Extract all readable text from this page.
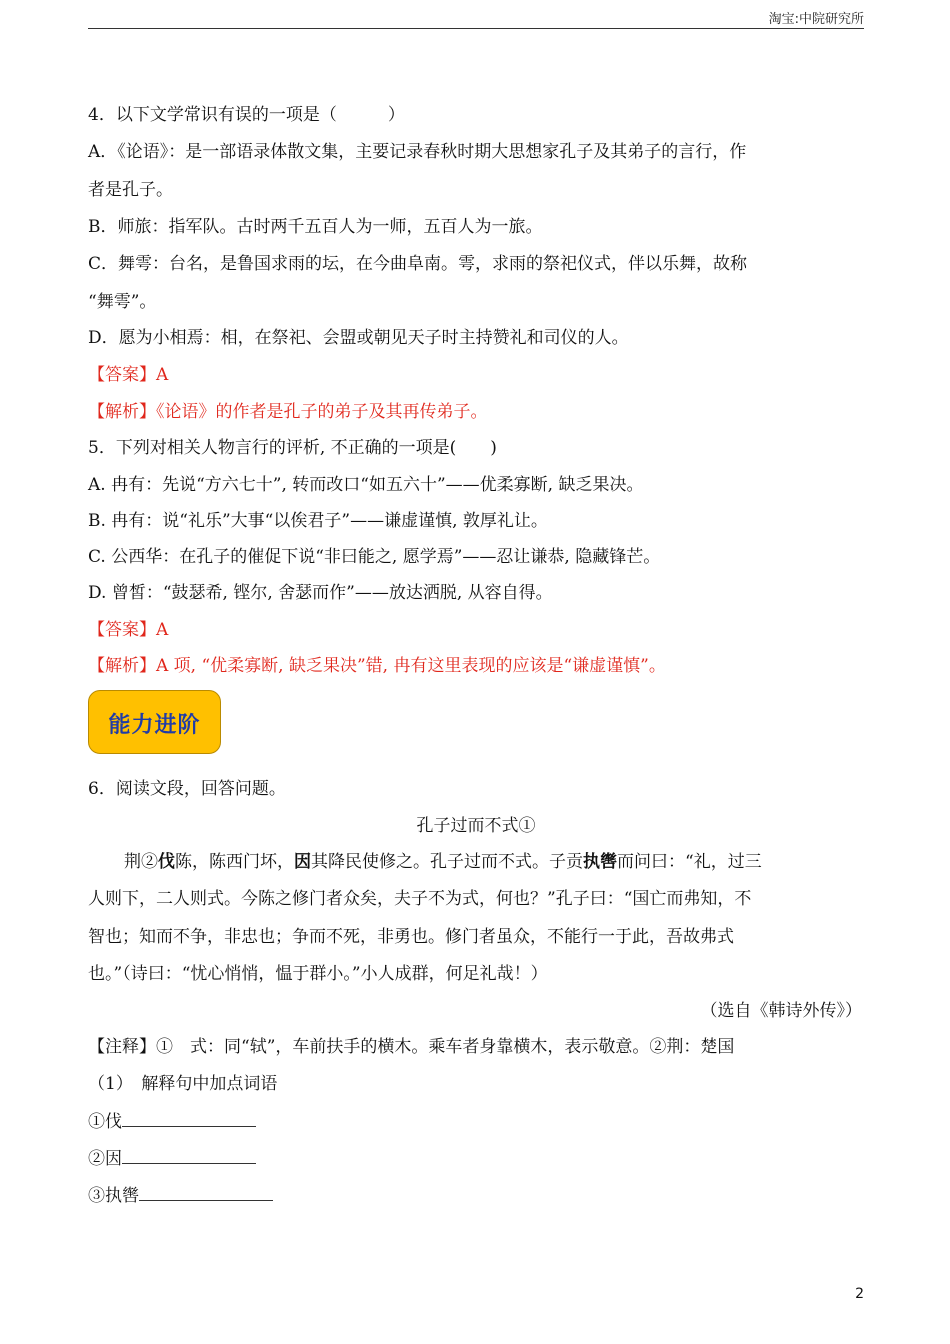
淘宝:中院研究所
4．以下文学常识有误的一项是（　　　）
A．《论语》：是一部语录体散文集，主要记录春秋时期大思想家孔子及其弟子的言行，作
者是孔子。
B．师旅：指军队。古时两千五百人为一师，五百人为一旅。
C．舞雩：台名，是鲁国求雨的坛，在今曲阜南。雩，求雨的祭祀仪式，伴以乐舞，故称
“舞雩”。
D．愿为小相焉：相，在祭祀、会盟或朝见天子时主持赞礼和司仪的人。
【答案】A
【解析】《论语》的作者是孔子的弟子及其再传弟子。
5．下列对相关人物言行的评析, 不正确的一项是(　　)
A. 冉有：先说“方六七十”, 转而改口“如五六十”——优柔寡断, 缺乏果决。
B. 冉有：说“礼乐”大事“以俟君子”——谦虚谨慎, 敦厚礼让。
C. 公西华：在孔子的催促下说“非曰能之, 愿学焉”——忍让谦恭, 隐藏锋芒。
D. 曾皙：“鼓瑟希, 铿尔, 舍瑟而作”——放达洒脱, 从容自得。
【答案】A
【解析】A 项, “优柔寡断, 缺乏果决”错, 冉有这里表现的应该是“谦虚谨慎”。
能力进阶
6．阅读文段，回答问题。
孔子过而不式①
荆②伐陈，陈西门坏，因其降民使修之。孔子过而不式。子贡执辔而问曰：“礼，过三
人则下，二人则式。今陈之修门者众矣，夫子不为式，何也？”孔子曰：“国亡而弗知，不
智也；知而不争，非忠也；争而不死，非勇也。修门者虽众，不能行一于此，吾故弗式
也。”（诗曰：“忧心悄悄，愠于群小。”小人成群，何足礼哉！）
（选自《韩诗外传》）
【注释】①　式：同“轼”，车前扶手的横木。乘车者身靠横木，表示敬意。②荆：楚国
（1）　解释句中加点词语
①伐
②因
③执辔
2
